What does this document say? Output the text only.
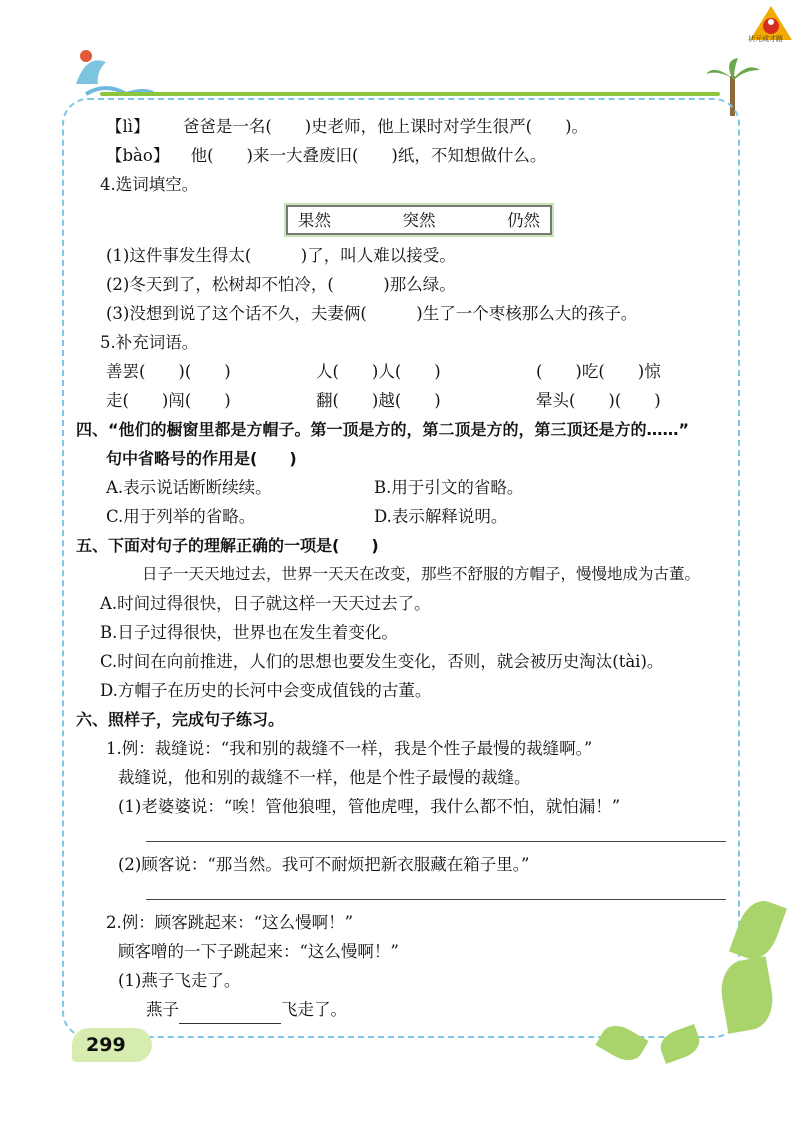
状元成才路
【lì】 爸爸是一名(　　)史老师，他上课时对学生很严(　　)。
【bào】 他(　　)来一大叠废旧(　　)纸，不知想做什么。
4.选词填空。
果然	突然	仍然
(1)这件事发生得太(　　　)了，叫人难以接受。
(2)冬天到了，松树却不怕冷，(　　　)那么绿。
(3)没想到说了这个话不久，夫妻俩(　　　)生了一个枣核那么大的孩子。
5.补充词语。
善罢(　　)(　　)	人(　　)人(　　)	(　　)吃(　　)惊
走(　　)闯(　　)	翻(　　)越(　　)	晕头(　　)(　　)
四、“他们的橱窗里都是方帽子。第一顶是方的，第二顶是方的，第三顶还是方的……”
句中省略号的作用是(　　)
A.表示说话断断续续。	B.用于引文的省略。
C.用于列举的省略。	D.表示解释说明。
五、下面对句子的理解正确的一项是(　　)
日子一天天地过去，世界一天天在改变，那些不舒服的方帽子，慢慢地成为古董。
A.时间过得很快，日子就这样一天天过去了。
B.日子过得很快，世界也在发生着变化。
C.时间在向前推进，人们的思想也要发生变化，否则，就会被历史淘汰(tài)。
D.方帽子在历史的长河中会变成值钱的古董。
六、照样子，完成句子练习。
1.例：裁缝说：“我和别的裁缝不一样，我是个性子最慢的裁缝啊。”
裁缝说，他和别的裁缝不一样，他是个性子最慢的裁缝。
(1)老婆婆说：“唉！管他狼哩，管他虎哩，我什么都不怕，就怕漏！”
(2)顾客说：“那当然。我可不耐烦把新衣服藏在箱子里。”
2.例：顾客跳起来：“这么慢啊！”
顾客噌的一下子跳起来：“这么慢啊！”
(1)燕子飞走了。
燕子	飞走了。
299
